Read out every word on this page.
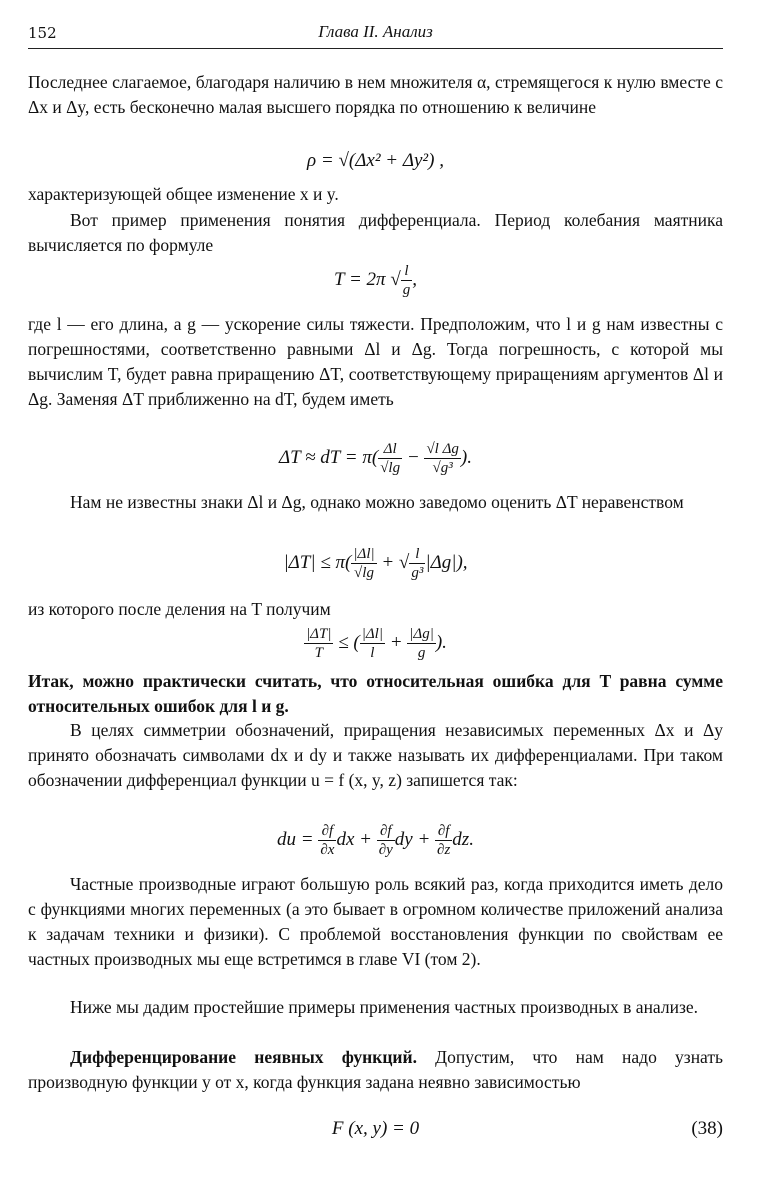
152	Глава II. Анализ

Последнее слагаемое, благодаря наличию в нем множителя α, стремящегося к нулю вместе с Δx и Δy, есть бесконечно малая высшего порядка по отношению к величине

ρ = √(Δx² + Δy²) ,

характеризующей общее изменение x и y.

Вот пример применения понятия дифференциала. Период колебания маятника вычисляется по формуле

T = 2π √ $\frac{l}{g}$ ,

где l — его длина, а g — ускорение силы тяжести. Предположим, что l и g нам известны с погрешностями, соответственно равными Δl и Δg. Тогда погрешность, с которой мы вычислим T, будет равна приращению ΔT, соответствующему приращениям аргументов Δl и Δg. Заменяя ΔT приближенно на dT, будем иметь

ΔT ≈ dT = $\pi( \frac{\Delta l}{√\lg} - \frac{\text{√l Δg}}{\text{√g³}}$ ).

Нам не известны знаки Δl и Δg, однако можно заведомо оценить ΔT неравенством

$|\Delta T| \le \pi( \frac{|\Delta l|}{√\lg}$ + √ $\frac{l}{\text{g³}} |\Delta g|$),

из которого после деления на T получим

$\frac{|\Delta T|}{T}$ ≤ ( $\frac{|\Delta l|}{l} + \frac{|\Delta g|}{g}$ ).

Итак, можно практически считать, что относительная ошибка для T равна сумме относительных ошибок для l и g.

В целях симметрии обозначений, приращения независимых переменных Δx и Δy принято обозначать символами dx и dy и также называть их дифференциалами. При таком обозначении дифференциал функции u = f (x, y, z) запишется так:

du = $\frac{\partial f}{\partial x}$ dx + $\frac{\partial f}{\partial y}$ dy + $\frac{\partial f}{\partial z}$ dz.

Частные производные играют большую роль всякий раз, когда приходится иметь дело с функциями многих переменных (а это бывает в огромном количестве приложений анализа к задачам техники и физики). С проблемой восстановления функции по свойствам ее частных производных мы еще встретимся в главе VI (том 2).

Ниже мы дадим простейшие примеры применения частных производных в анализе.

Дифференцирование неявных функций. Допустим, что нам надо узнать производную функции y от x, когда функция задана неявно зависимостью

F (x, y) = 0	(38)
